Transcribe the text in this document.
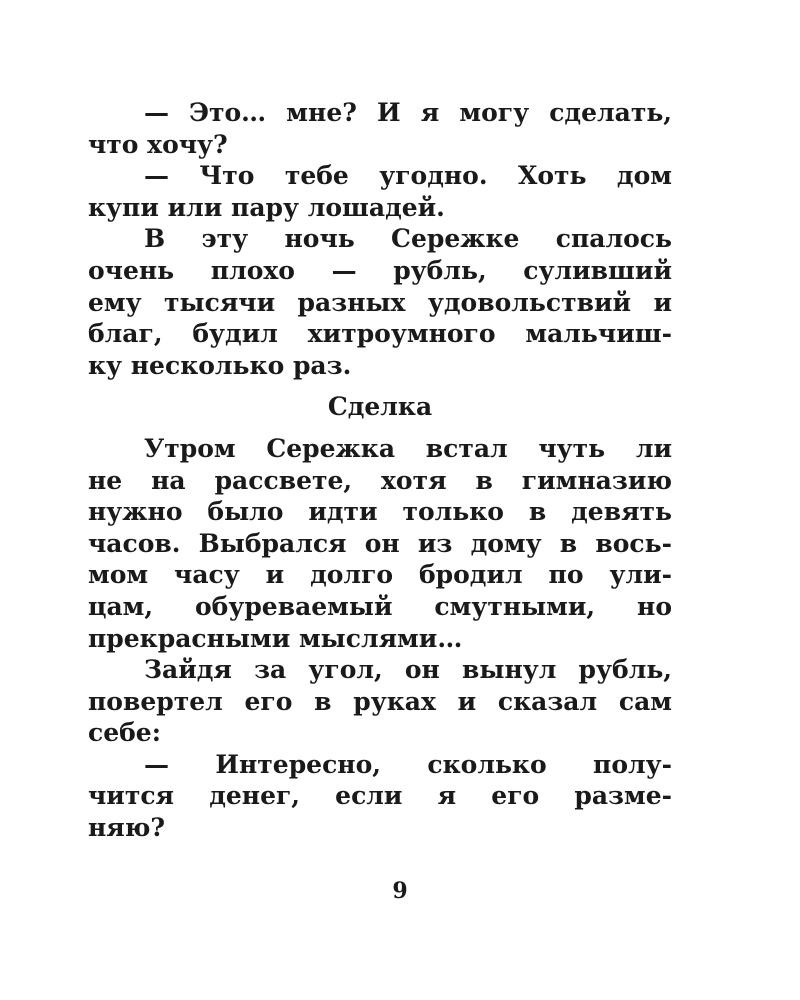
— Это… мне? И я могу сделать,
что хочу?
— Что тебе угодно. Хоть дом
купи или пару лошадей.
В эту ночь Сережке спалось
очень плохо — рубль, суливший
ему тысячи разных удовольствий и
благ, будил хитроумного мальчиш-
ку несколько раз.
Сделка
Утром Сережка встал чуть ли
не на рассвете, хотя в гимназию
нужно было идти только в девять
часов. Выбрался он из дому в вось-
мом часу и долго бродил по ули-
цам, обуреваемый смутными, но
прекрасными мыслями…
Зайдя за угол, он вынул рубль,
повертел его в руках и сказал сам
себе:
— Интересно, сколько полу-
чится денег, если я его разме-
няю?
9
